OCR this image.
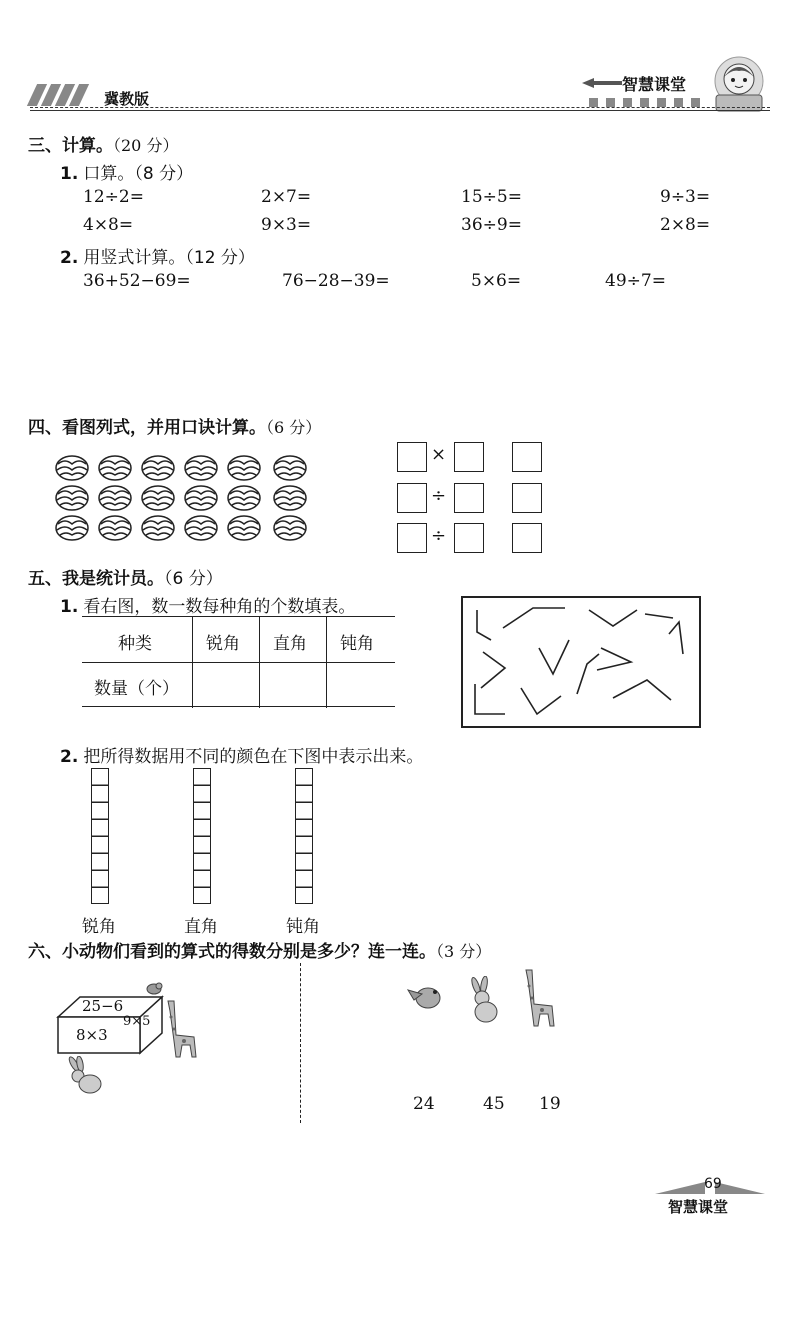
冀教版
智慧课堂
三、计算。（20 分）
1. 口算。（8 分）
12÷2=	2×7=	15÷5=	9÷3=
4×8=	9×3=	36÷9=	2×8=
2. 用竖式计算。（12 分）
36+52−69=	76−28−39=	5×6=	49÷7=
四、看图列式，并用口诀计算。（6 分）
×
÷
÷
五、我是统计员。（6 分）
1. 看右图，数一数每种角的个数填表。
种类	锐角 直角 钝角
数量（个）
2. 把所得数据用不同的颜色在下图中表示出来。
锐角	直角	钝角
六、小动物们看到的算式的得数分别是多少？连一连。（3 分）
25−6
8×3
9×5
24	45 19
69
智慧课堂
